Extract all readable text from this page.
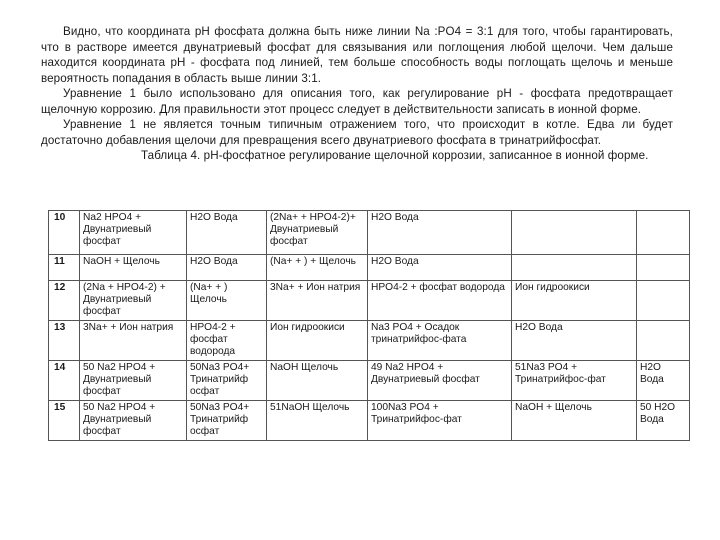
Видно, что координата pH фосфата должна быть ниже линии Na :PO4 = 3:1 для того, чтобы гарантировать, что в растворе имеется двунатриевый фосфат для связывания или поглощения любой щелочи. Чем дальше находится координата pH - фосфата под линией, тем больше способность воды поглощать щелочь и меньше вероятность попадания в область выше линии 3:1.

Уравнение 1 было использовано для описания того, как регулирование pH - фосфата предотвращает щелочную коррозию. Для правильности этот процесс следует в действительности записать в ионной форме.

Уравнение 1 не является точным типичным отражением того, что происходит в котле. Едва ли будет достаточно добавления щелочи для превращения всего двунатриевого фосфата в тринатрийфосфат.

Таблица 4. pH-фосфатное регулирование щелочной коррозии, записанное в ионной форме.

10	Na2 HPO4 + Двунатриевый фосфат	H2O Вода	(2Na+ + HPO4-2)+ Двунатриевый фосфат	H2O Вода		
11	NaOH + Щелочь	H2O Вода	(Na+ + ) + Щелочь	H2O Вода		
12	(2Na + HPO4-2) + Двунатриевый фосфат	(Na+ + ) Щелочь	3Na+ + Ион натрия	HPO4-2 + фосфат водорода	Ион гидроокиси	
13	3Na+ + Ион натрия	HPO4-2 + фосфат водорода	Ион гидроокиси	Na3 PO4 + Осадок тринатрийфос-фата	H2O Вода	
14	50 Na2 HPO4 + Двунатриевый фосфат	50Na3 PO4+ Тринатрийф осфат	NaOH Щелочь	49 Na2 HPO4 + Двунатриевый фосфат	51Na3 PO4 + Тринатрийфос-фат	H2O Вода
15	50 Na2 HPO4 + Двунатриевый фосфат	50Na3 PO4+ Тринатрийф осфат	51NaOH Щелочь	100Na3 PO4 + Тринатрийфос-фат	NaOH + Щелочь	50 H2O Вода
